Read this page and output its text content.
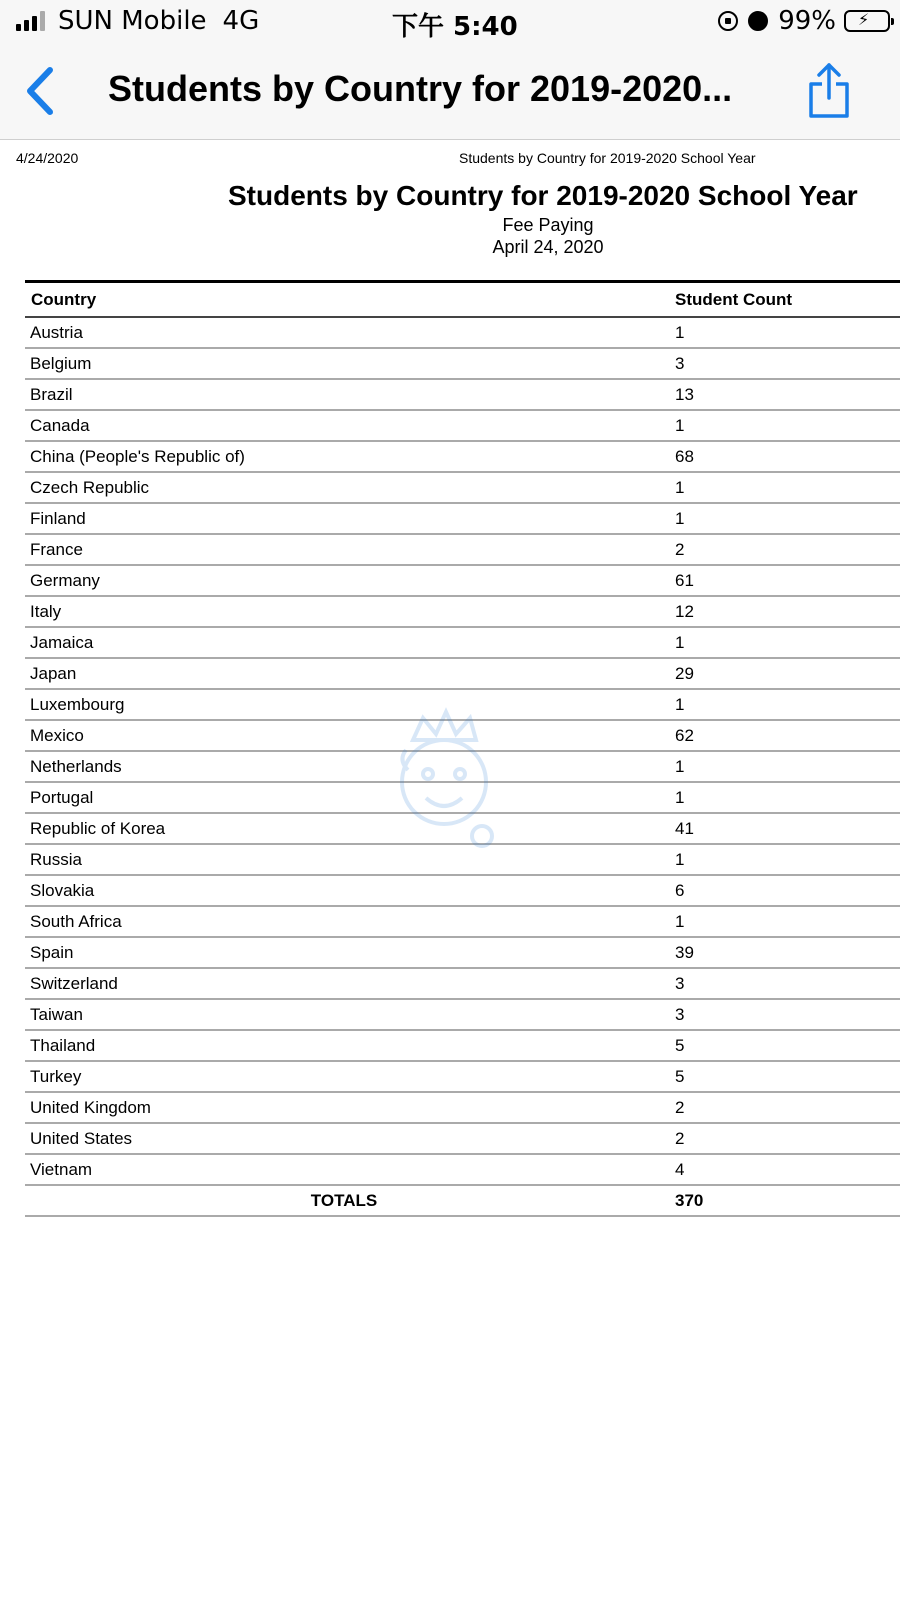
SUN Mobile 4G	下午 5:40	99% ⚡
Students by Country for 2019-2020...
4/24/2020	Students by Country for 2019-2020 School Year
Students by Country for 2019-2020 School Year
Fee Paying
April 24, 2020
Country	Student Count
Austria	1
Belgium	3
Brazil	13
Canada	1
China (People's Republic of)	68
Czech Republic	1
Finland	1
France	2
Germany	61
Italy	12
Jamaica	1
Japan	29
Luxembourg	1
Mexico	62
Netherlands	1
Portugal	1
Republic of Korea	41
Russia	1
Slovakia	6
South Africa	1
Spain	39
Switzerland	3
Taiwan	3
Thailand	5
Turkey	5
United Kingdom	2
United States	2
Vietnam	4
TOTALS	370
